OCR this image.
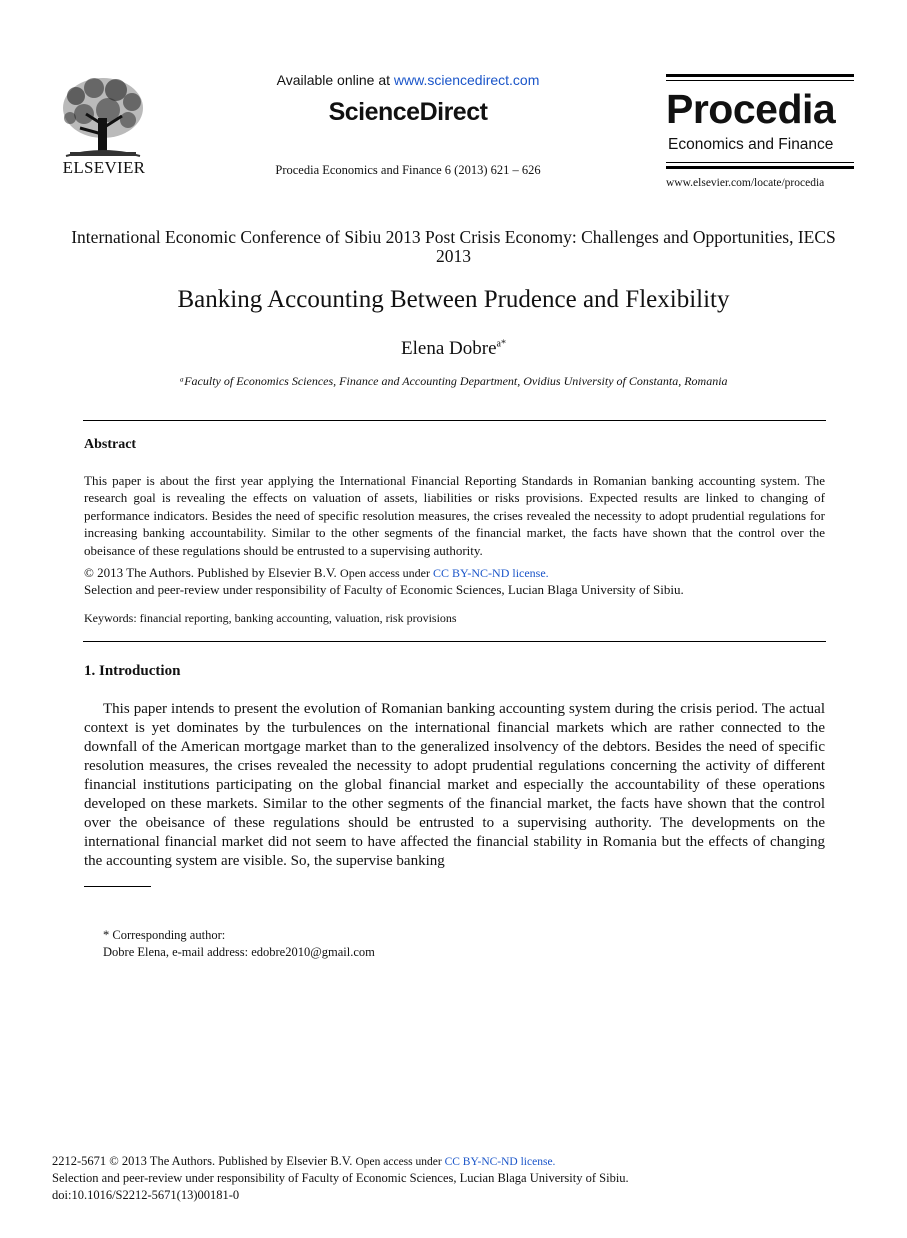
ELSEVIER
Available online at www.sciencedirect.com
ScienceDirect
Procedia Economics and Finance 6 (2013) 621 – 626
Procedia
Economics and Finance
www.elsevier.com/locate/procedia
International Economic Conference of Sibiu 2013 Post Crisis Economy: Challenges and Opportunities, IECS 2013
Banking Accounting Between Prudence and Flexibility
Elena Dobre$^{a*}$
ᵃFaculty of Economics Sciences, Finance and Accounting Department, Ovidius University of Constanta, Romania
Abstract
This paper is about the first year applying the International Financial Reporting Standards in Romanian banking accounting system. The research goal is revealing the effects on valuation of assets, liabilities or risks provisions. Expected results are linked to changing of performance indicators. Besides the need of specific resolution measures, the crises revealed the necessity to adopt prudential regulations for increasing banking accountability. Similar to the other segments of the financial market, the facts have shown that the control over the obeisance of these regulations should be entrusted to a supervising authority.
© 2013 The Authors. Published by Elsevier B.V. Open access under CC BY-NC-ND license.
Selection and peer-review under responsibility of Faculty of Economic Sciences, Lucian Blaga University of Sibiu.
Keywords: financial reporting, banking accounting, valuation, risk provisions
1. Introduction

This paper intends to present the evolution of Romanian banking accounting system during the crisis period. The actual context is yet dominates by the turbulences on the international financial markets which are rather connected to the downfall of the American mortgage market than to the generalized insolvency of the debtors. Besides the need of specific resolution measures, the crises revealed the necessity to adopt prudential regulations concerning the activity of different financial institutions participating on the global financial market and especially the accountability of these operations developed on these markets. Similar to the other segments of the financial market, the facts have shown that the control over the obeisance of these regulations should be entrusted to a supervising authority. The developments on the international financial market did not seem to have affected the financial stability in Romania but the effects of changing the accounting system are visible. So, the supervise banking

* Corresponding author:
Dobre Elena, e-mail address: edobre2010@gmail.com
2212-5671 © 2013 The Authors. Published by Elsevier B.V. Open access under CC BY-NC-ND license.
Selection and peer-review under responsibility of Faculty of Economic Sciences, Lucian Blaga University of Sibiu.
doi:10.1016/S2212-5671(13)00181-0
